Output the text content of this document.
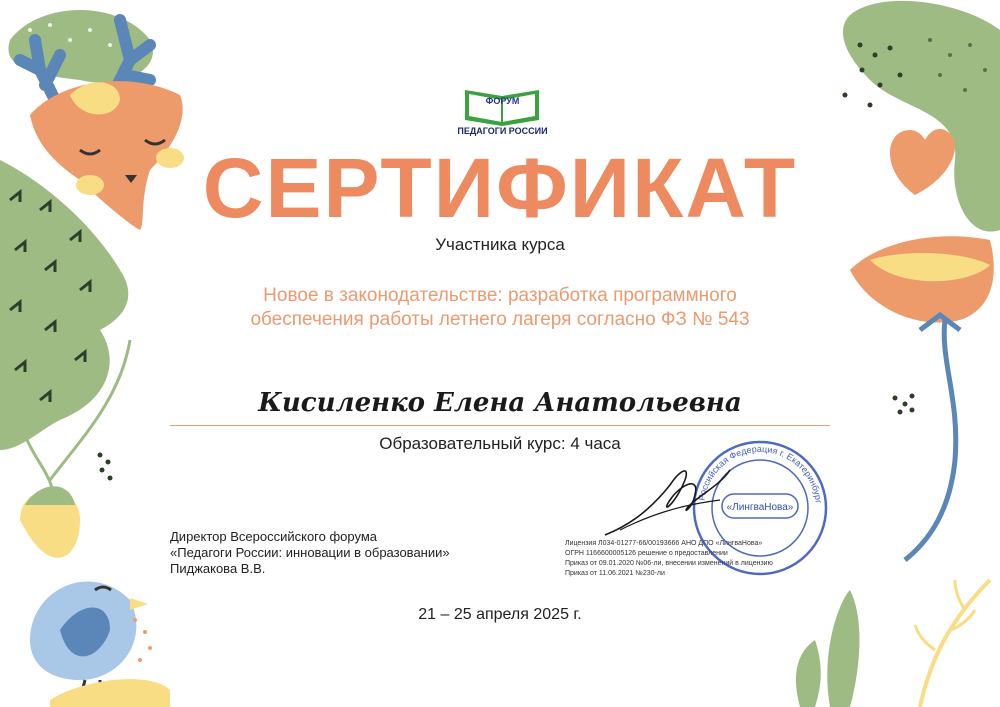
ФОРУМ
ПЕДАГОГИ РОССИИ
СЕРТИФИКАТ
Участника курса
Новое в законодательстве: разработка программного
обеспечения работы летнего лагеря согласно ФЗ № 543
Кисиленко Елена Анатольевна
Образовательный курс: 4 часа
Директор Всероссийского форума
«Педагоги России: инновации в образовании»
Пиджакова В.В.
Лицензия Л034-01277-66/00193666 АНО ДПО «ЛингваНова»
ОГРН 1166600005126 решение о предоставлении
Приказ от 09.01.2020 №06-ли, внесении изменений в лицензию
Приказ от 11.06.2021 №230-ли
Российская Федерация г. Екатеринбург
«ЛингваНова»
21 – 25 апреля 2025 г.
